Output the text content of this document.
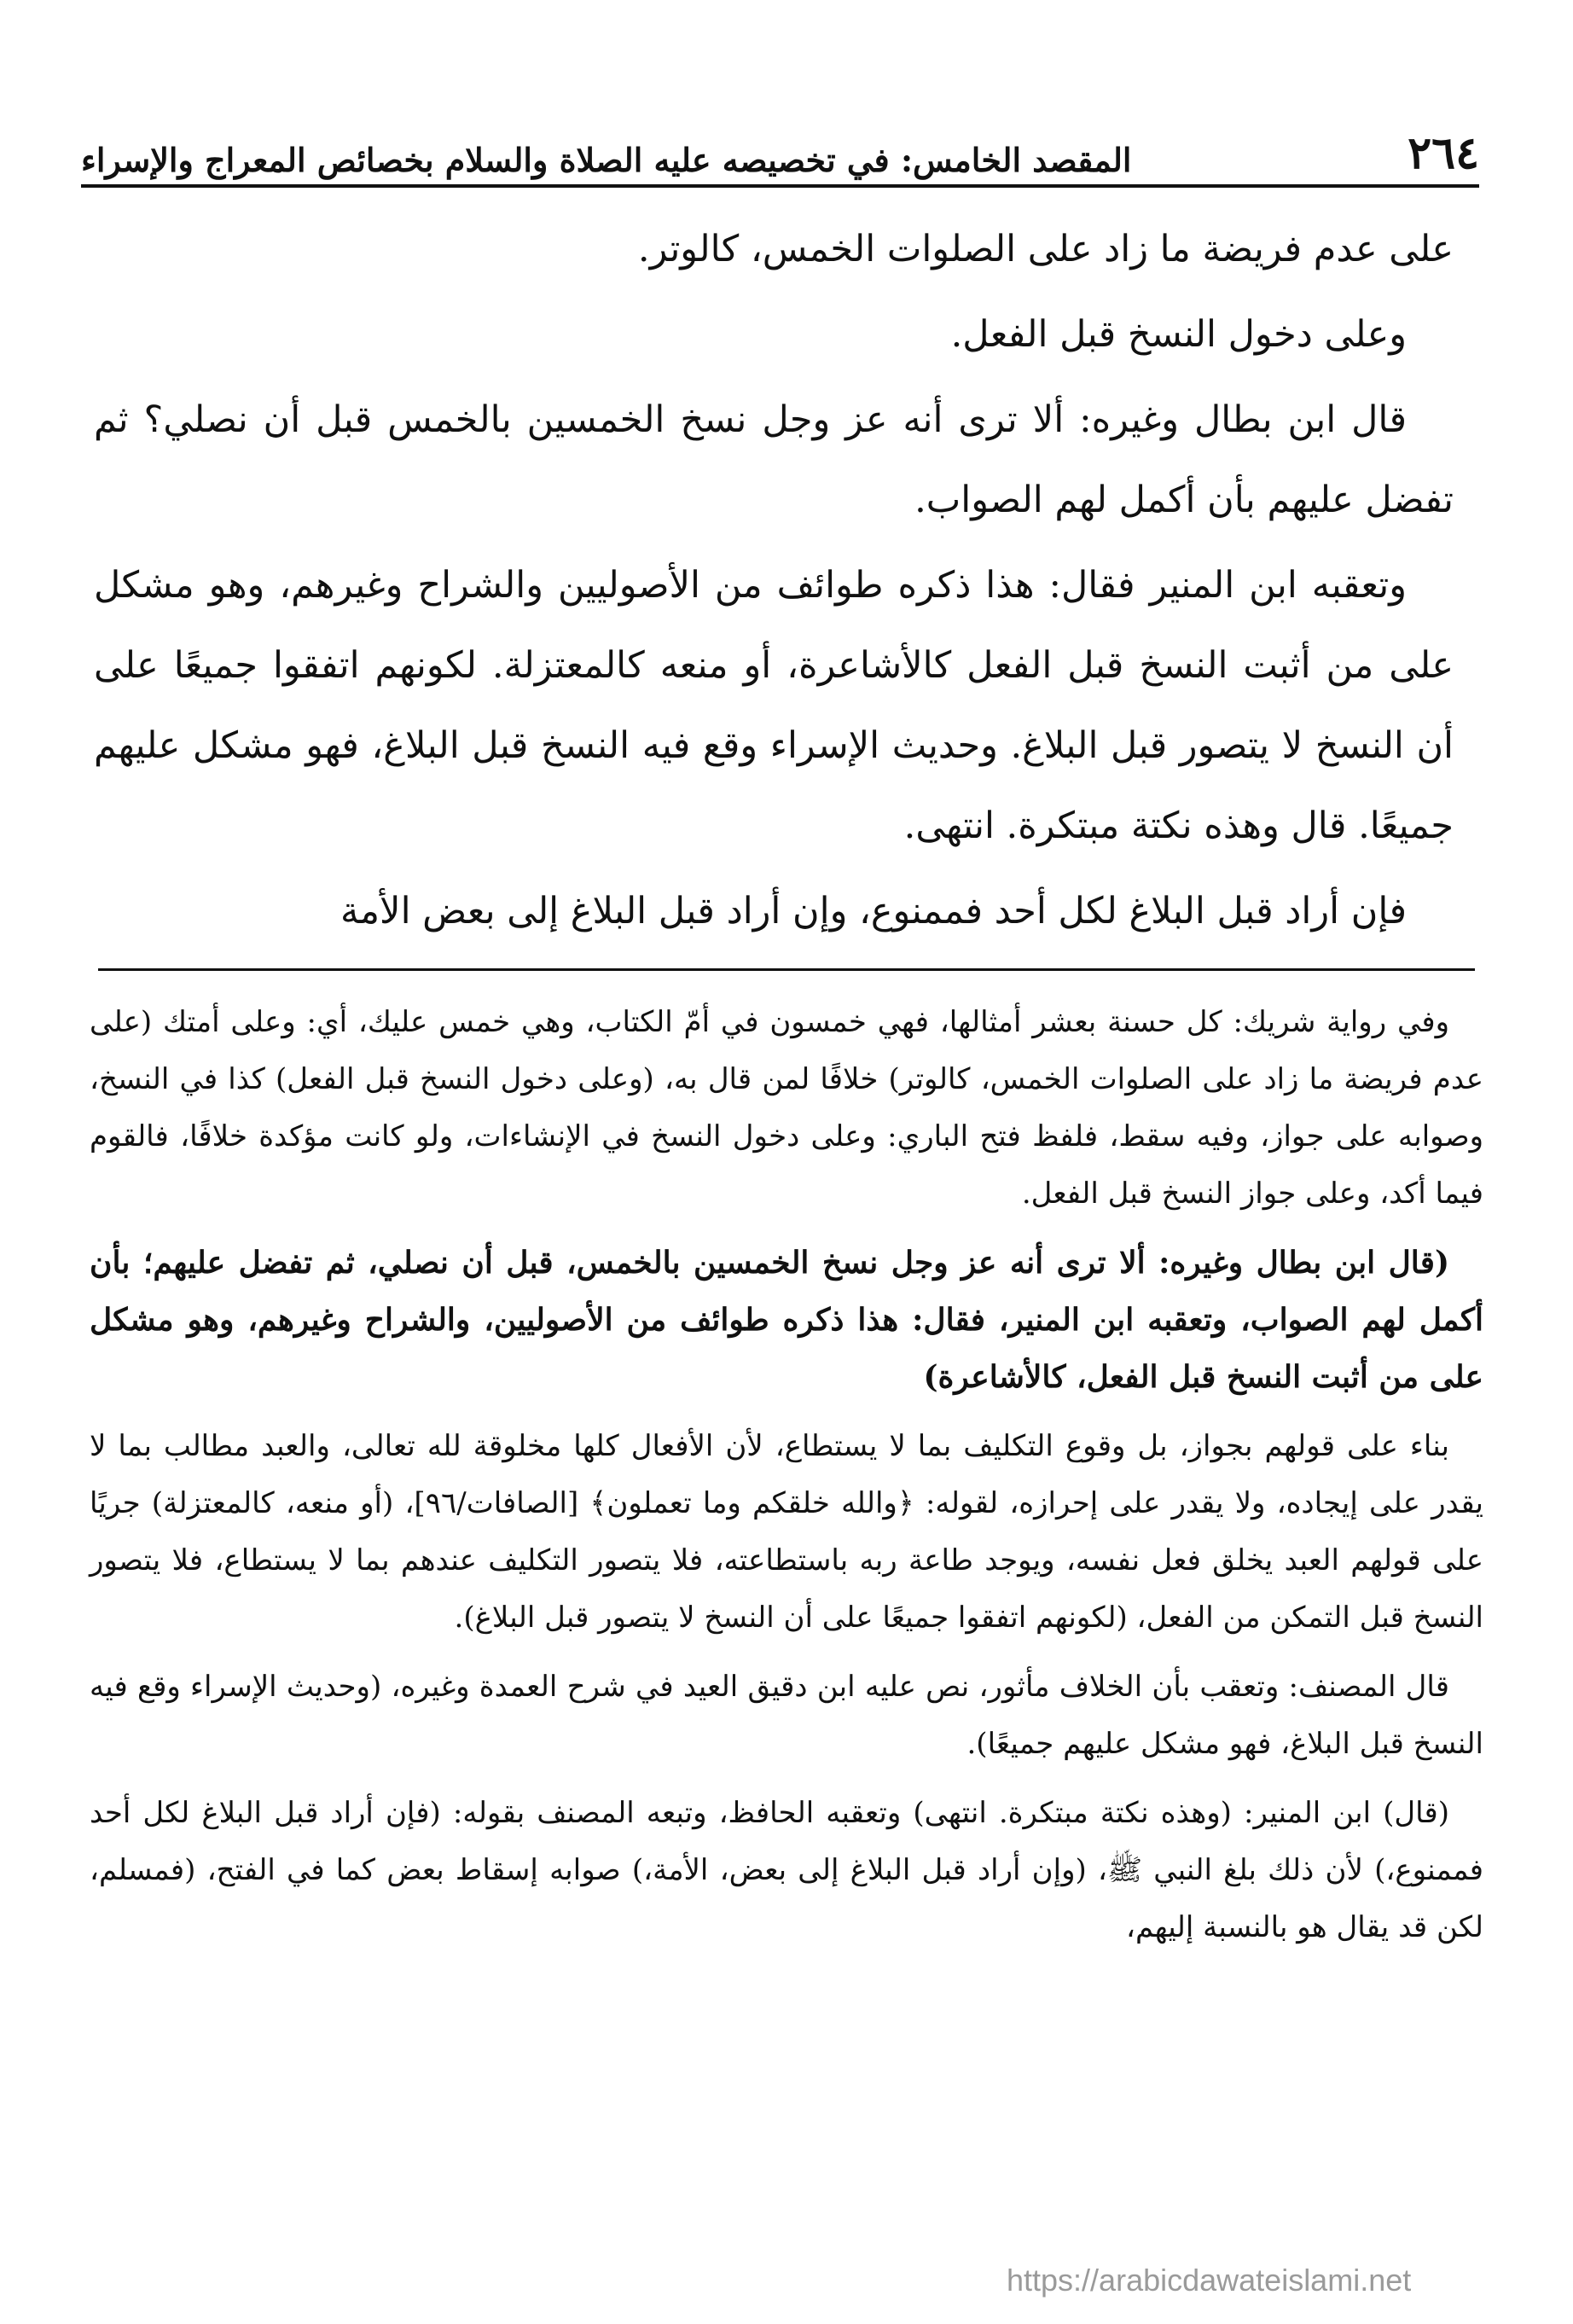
٢٦٤
المقصد الخامس: في تخصيصه عليه الصلاة والسلام بخصائص المعراج والإسراء

على عدم فريضة ما زاد على الصلوات الخمس، كالوتر.

وعلى دخول النسخ قبل الفعل.

قال ابن بطال وغيره: ألا ترى أنه عز وجل نسخ الخمسين بالخمس قبل أن نصلي؟ ثم تفضل عليهم بأن أكمل لهم الصواب.

وتعقبه ابن المنير فقال: هذا ذكره طوائف من الأصوليين والشراح وغيرهم، وهو مشكل على من أثبت النسخ قبل الفعل كالأشاعرة، أو منعه كالمعتزلة. لكونهم اتفقوا جميعًا على أن النسخ لا يتصور قبل البلاغ. وحديث الإسراء وقع فيه النسخ قبل البلاغ، فهو مشكل عليهم جميعًا. قال وهذه نكتة مبتكرة. انتهى.

فإن أراد قبل البلاغ لكل أحد فممنوع، وإن أراد قبل البلاغ إلى بعض الأمة

وفي رواية شريك: كل حسنة بعشر أمثالها، فهي خمسون في أمّ الكتاب، وهي خمس عليك، أي: وعلى أمتك (على عدم فريضة ما زاد على الصلوات الخمس، كالوتر) خلافًا لمن قال به، (وعلى دخول النسخ قبل الفعل) كذا في النسخ، وصوابه على جواز، وفيه سقط، فلفظ فتح الباري: وعلى دخول النسخ في الإنشاءات، ولو كانت مؤكدة خلافًا، فالقوم فيما أكد، وعلى جواز النسخ قبل الفعل.

(قال ابن بطال وغيره: ألا ترى أنه عز وجل نسخ الخمسين بالخمس، قبل أن نصلي، ثم تفضل عليهم؛ بأن أكمل لهم الصواب، وتعقبه ابن المنير، فقال: هذا ذكره طوائف من الأصوليين، والشراح وغيرهم، وهو مشكل على من أثبت النسخ قبل الفعل، كالأشاعرة)

بناء على قولهم بجواز، بل وقوع التكليف بما لا يستطاع، لأن الأفعال كلها مخلوقة لله تعالى، والعبد مطالب بما لا يقدر على إيجاده، ولا يقدر على إحرازه، لقوله: ﴿والله خلقكم وما تعملون﴾ [الصافات/٩٦]، (أو منعه، كالمعتزلة) جريًا على قولهم العبد يخلق فعل نفسه، ويوجد طاعة ربه باستطاعته، فلا يتصور التكليف عندهم بما لا يستطاع، فلا يتصور النسخ قبل التمكن من الفعل، (لكونهم اتفقوا جميعًا على أن النسخ لا يتصور قبل البلاغ).

قال المصنف: وتعقب بأن الخلاف مأثور، نص عليه ابن دقيق العيد في شرح العمدة وغيره، (وحديث الإسراء وقع فيه النسخ قبل البلاغ، فهو مشكل عليهم جميعًا).

(قال) ابن المنير: (وهذه نكتة مبتكرة. انتهى) وتعقبه الحافظ، وتبعه المصنف بقوله: (فإن أراد قبل البلاغ لكل أحد فممنوع،) لأن ذلك بلغ النبي ﷺ، (وإن أراد قبل البلاغ إلى بعض، الأمة،) صوابه إسقاط بعض كما في الفتح، (فمسلم، لكن قد يقال هو بالنسبة إليهم،

https://arabicdawateislami.net
